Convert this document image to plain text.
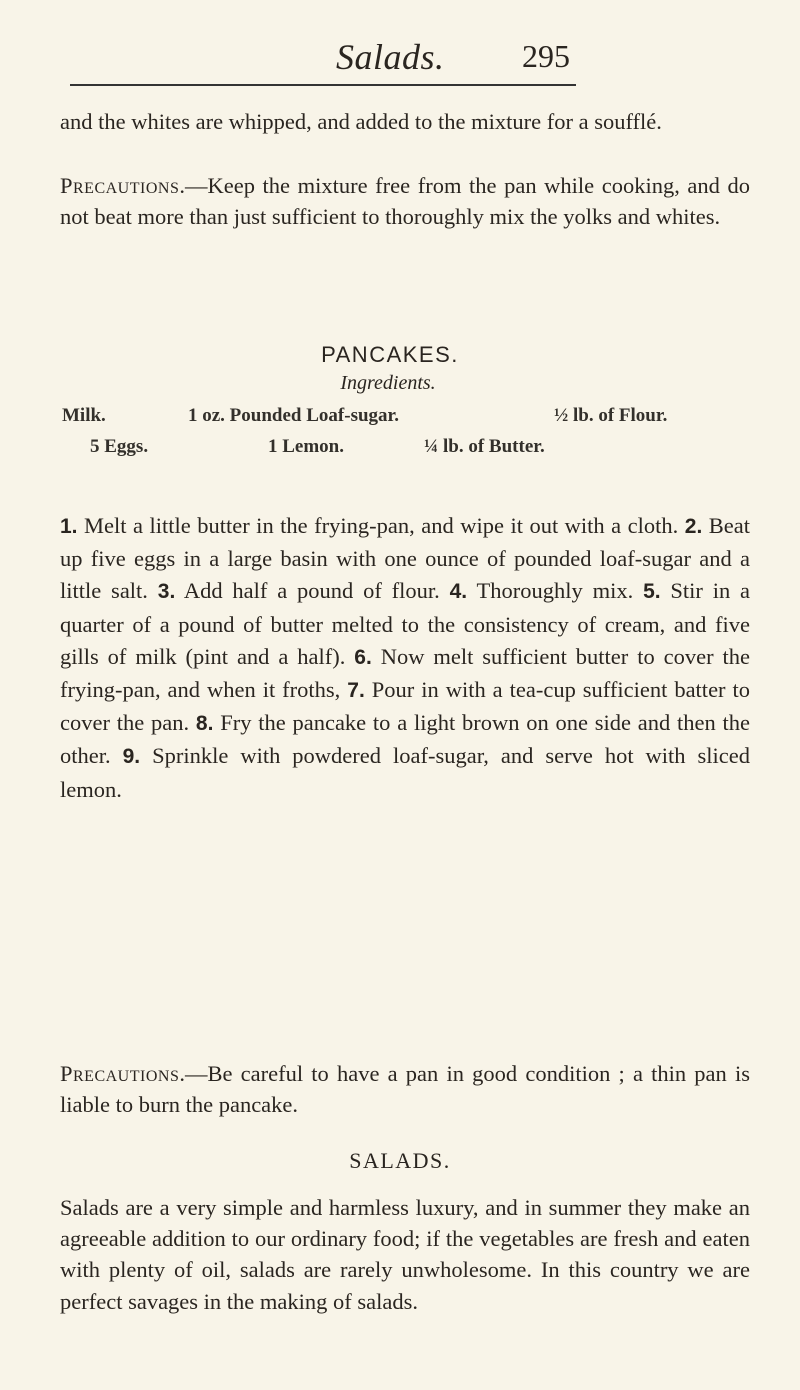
Salads. 295

and the whites are whipped, and added to the mixture for a soufflé.

Precautions.—Keep the mixture free from the pan while cooking, and do not beat more than just sufficient to thoroughly mix the yolks and whites.

PANCAKES.
Ingredients.
Milk.	1 oz. Pounded Loaf-sugar.	½ lb. of Flour.
5 Eggs.	1 Lemon.	¼ lb. of Butter.

1. Melt a little butter in the frying-pan, and wipe it out with a cloth. 2. Beat up five eggs in a large basin with one ounce of pounded loaf-sugar and a little salt. 3. Add half a pound of flour. 4. Thoroughly mix. 5. Stir in a quarter of a pound of butter melted to the consistency of cream, and five gills of milk (pint and a half). 6. Now melt sufficient butter to cover the frying-pan, and when it froths, 7. Pour in with a tea-cup sufficient batter to cover the pan. 8. Fry the pancake to a light brown on one side and then the other. 9. Sprinkle with powdered loaf-sugar, and serve hot with sliced lemon.

Precautions.—Be careful to have a pan in good condition ; a thin pan is liable to burn the pancake.

SALADS.

Salads are a very simple and harmless luxury, and in summer they make an agreeable addition to our ordinary food; if the vegetables are fresh and eaten with plenty of oil, salads are rarely unwholesome. In this country we are perfect savages in the making of salads.
